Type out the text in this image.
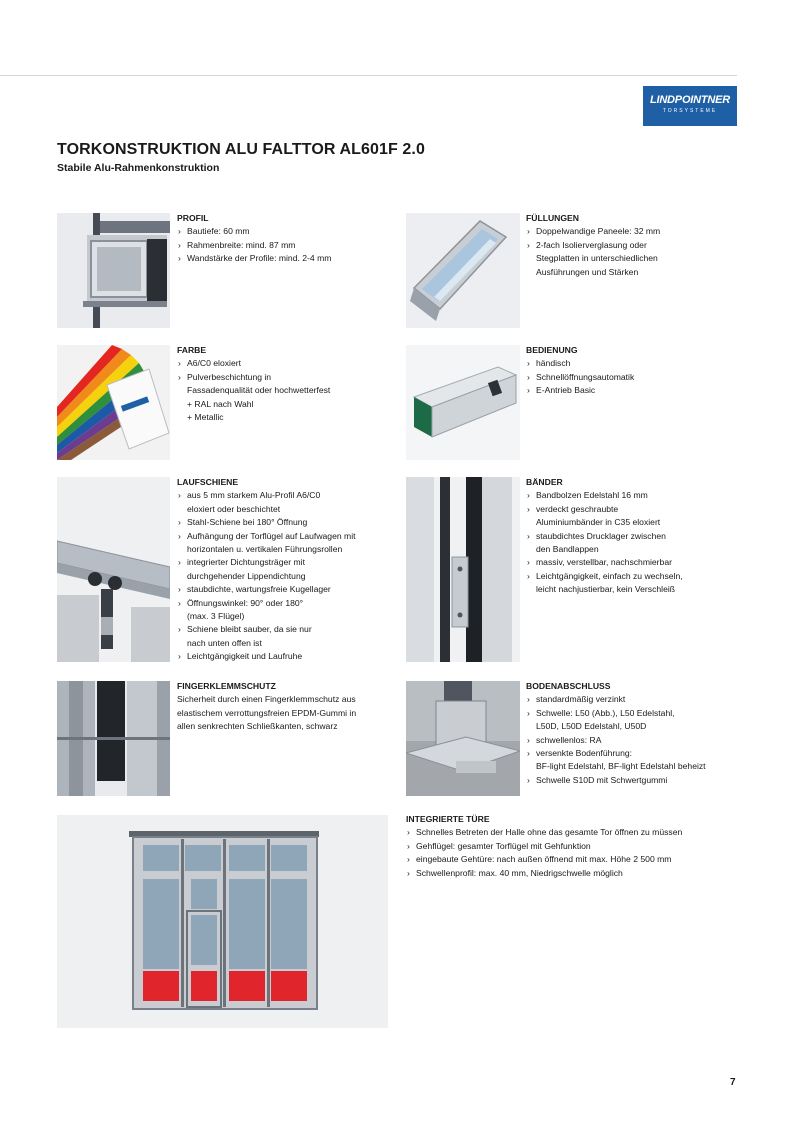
LINDPOINTNER
TORSYSTEME
TORKONSTRUKTION ALU FALTTOR AL601F 2.0
Stabile Alu-Rahmenkonstruktion
PROFIL
› Bautiefe: 60 mm
› Rahmenbreite: mind. 87 mm
› Wandstärke der Profile: mind. 2-4 mm
FÜLLUNGEN
› Doppelwandige Paneele: 32 mm
› 2-fach Isolierverglasung oder
Stegplatten in unterschiedlichen
Ausführungen und Stärken
FARBE
› A6/C0 eloxiert
› Pulverbeschichtung in
Fassadenqualität oder hochwetterfest
+ RAL nach Wahl
+ Metallic
BEDIENUNG
› händisch
› Schnellöffnungsautomatik
› E-Antrieb Basic
LAUFSCHIENE
› aus 5 mm starkem Alu-Profil A6/C0
eloxiert oder beschichtet
› Stahl-Schiene bei 180° Öffnung
› Aufhängung der Torflügel auf Laufwagen mit
horizontalen u. vertikalen Führungsrollen
› integrierter Dichtungsträger mit
durchgehender Lippendichtung
› staubdichte, wartungsfreie Kugellager
› Öffnungswinkel: 90° oder 180°
(max. 3 Flügel)
› Schiene bleibt sauber, da sie nur
nach unten offen ist
› Leichtgängigkeit und Laufruhe
BÄNDER
› Bandbolzen Edelstahl 16 mm
› verdeckt geschraubte
Aluminiumbänder in C35 eloxiert
› staubdichtes Drucklager zwischen
den Bandlappen
› massiv, verstellbar, nachschmierbar
› Leichtgängigkeit, einfach zu wechseln,
leicht nachjustierbar, kein Verschleiß
FINGERKLEMMSCHUTZ

Sicherheit durch einen Fingerklemmschutz aus

elastischem verrottungsfreien EPDM-Gummi in

allen senkrechten Schließkanten, schwarz

BODENABSCHLUSS
› standardmäßig verzinkt
› Schwelle: L50 (Abb.), L50 Edelstahl,
L50D, L50D Edelstahl, U50D
› schwellenlos: RA
› versenkte Bodenführung:
BF-light Edelstahl, BF-light Edelstahl beheizt
› Schwelle S10D mit Schwertgummi
INTEGRIERTE TÜRE
› Schnelles Betreten der Halle ohne das gesamte Tor öffnen zu müssen
› Gehflügel: gesamter Torflügel mit Gehfunktion
› eingebaute Gehtüre: nach außen öffnend mit max. Höhe 2 500 mm
› Schwellenprofil: max. 40 mm, Niedrigschwelle möglich
7
